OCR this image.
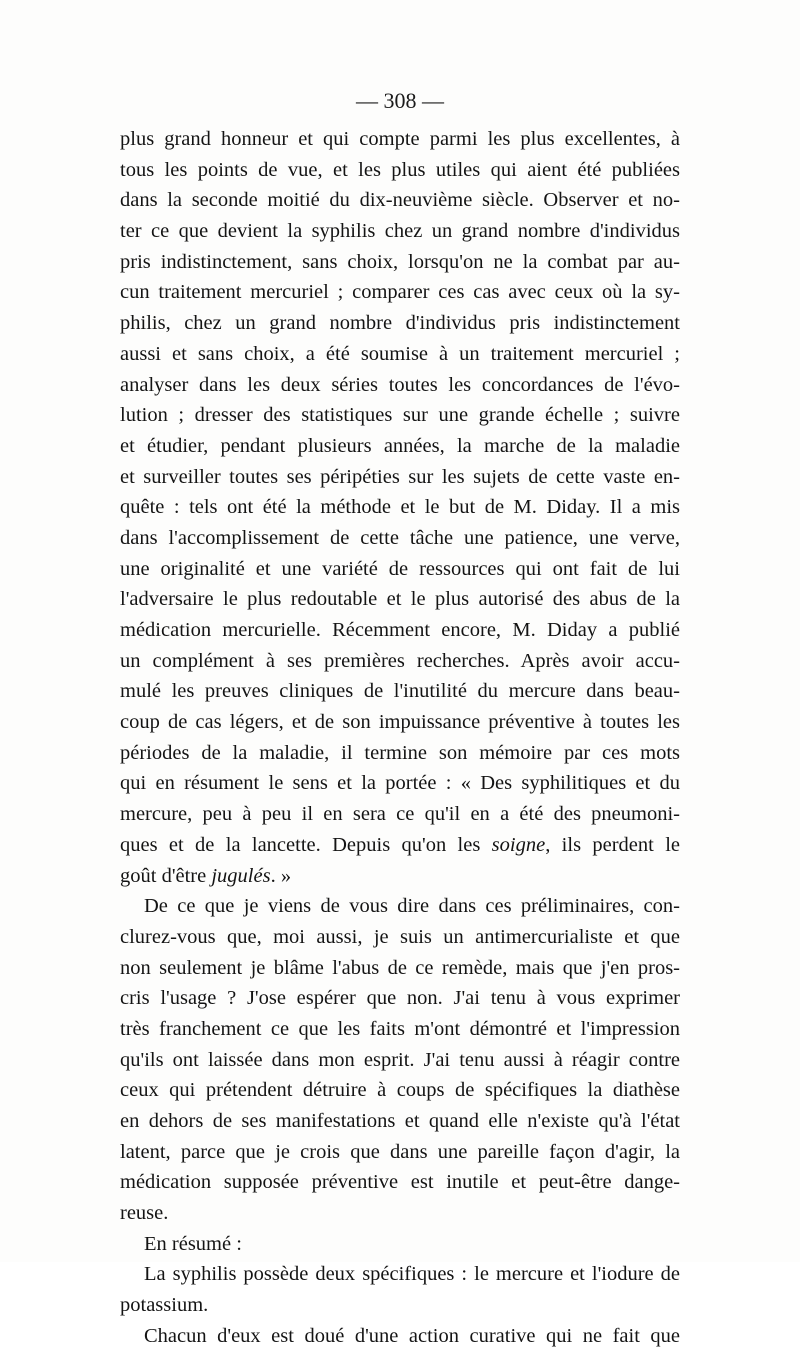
— 308 —
plus grand honneur et qui compte parmi les plus excellentes, à
tous les points de vue, et les plus utiles qui aient été publiées
dans la seconde moitié du dix-neuvième siècle. Observer et no-
ter ce que devient la syphilis chez un grand nombre d'individus
pris indistinctement, sans choix, lorsqu'on ne la combat par au-
cun traitement mercuriel ; comparer ces cas avec ceux où la sy-
philis, chez un grand nombre d'individus pris indistinctement
aussi et sans choix, a été soumise à un traitement mercuriel ;
analyser dans les deux séries toutes les concordances de l'évo-
lution ; dresser des statistiques sur une grande échelle ; suivre
et étudier, pendant plusieurs années, la marche de la maladie
et surveiller toutes ses péripéties sur les sujets de cette vaste en-
quête : tels ont été la méthode et le but de M. Diday. Il a mis
dans l'accomplissement de cette tâche une patience, une verve,
une originalité et une variété de ressources qui ont fait de lui
l'adversaire le plus redoutable et le plus autorisé des abus de la
médication mercurielle. Récemment encore, M. Diday a publié
un complément à ses premières recherches. Après avoir accu-
mulé les preuves cliniques de l'inutilité du mercure dans beau-
coup de cas légers, et de son impuissance préventive à toutes les
périodes de la maladie, il termine son mémoire par ces mots
qui en résument le sens et la portée : « Des syphilitiques et du
mercure, peu à peu il en sera ce qu'il en a été des pneumoni-
ques et de la lancette. Depuis qu'on les soigne, ils perdent le
goût d'être jugulés. »
De ce que je viens de vous dire dans ces préliminaires, con-
clurez-vous que, moi aussi, je suis un antimercurialiste et que
non seulement je blâme l'abus de ce remède, mais que j'en pros-
cris l'usage ? J'ose espérer que non. J'ai tenu à vous exprimer
très franchement ce que les faits m'ont démontré et l'impression
qu'ils ont laissée dans mon esprit. J'ai tenu aussi à réagir contre
ceux qui prétendent détruire à coups de spécifiques la diathèse
en dehors de ses manifestations et quand elle n'existe qu'à l'état
latent, parce que je crois que dans une pareille façon d'agir, la
médication supposée préventive est inutile et peut-être dange-
reuse.
En résumé :
La syphilis possède deux spécifiques : le mercure et l'iodure de
potassium.
Chacun d'eux est doué d'une action curative qui ne fait que
